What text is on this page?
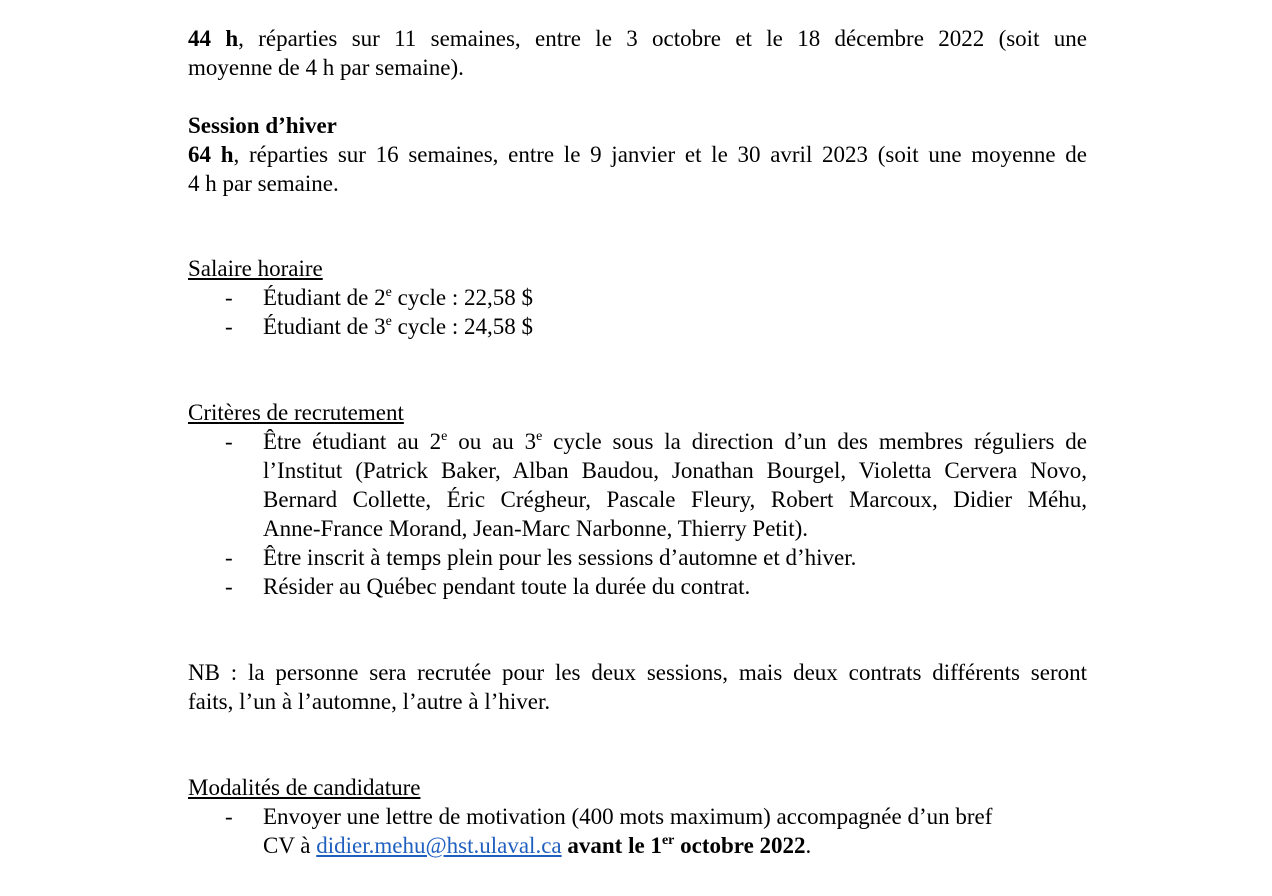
44 h, réparties sur 11 semaines, entre le 3 octobre et le 18 décembre 2022 (soit une
moyenne de 4 h par semaine).
Session d’hiver
64 h, réparties sur 16 semaines, entre le 9 janvier et le 30 avril 2023 (soit une moyenne de
4 h par semaine.
Salaire horaire
- Étudiant de 2e cycle : 22,58 $
- Étudiant de 3e cycle : 24,58 $
Critères de recrutement
- Être étudiant au 2e ou au 3e cycle sous la direction d’un des membres réguliers de
l’Institut (Patrick Baker, Alban Baudou, Jonathan Bourgel, Violetta Cervera Novo,
Bernard Collette, Éric Crégheur, Pascale Fleury, Robert Marcoux, Didier Méhu,
Anne-France Morand, Jean-Marc Narbonne, Thierry Petit).
- Être inscrit à temps plein pour les sessions d’automne et d’hiver.
- Résider au Québec pendant toute la durée du contrat.
NB : la personne sera recrutée pour les deux sessions, mais deux contrats différents seront
faits, l’un à l’automne, l’autre à l’hiver.
Modalités de candidature
- Envoyer une lettre de motivation (400 mots maximum) accompagnée d’un bref
CV à didier.mehu@hst.ulaval.ca avant le 1er octobre 2022.
